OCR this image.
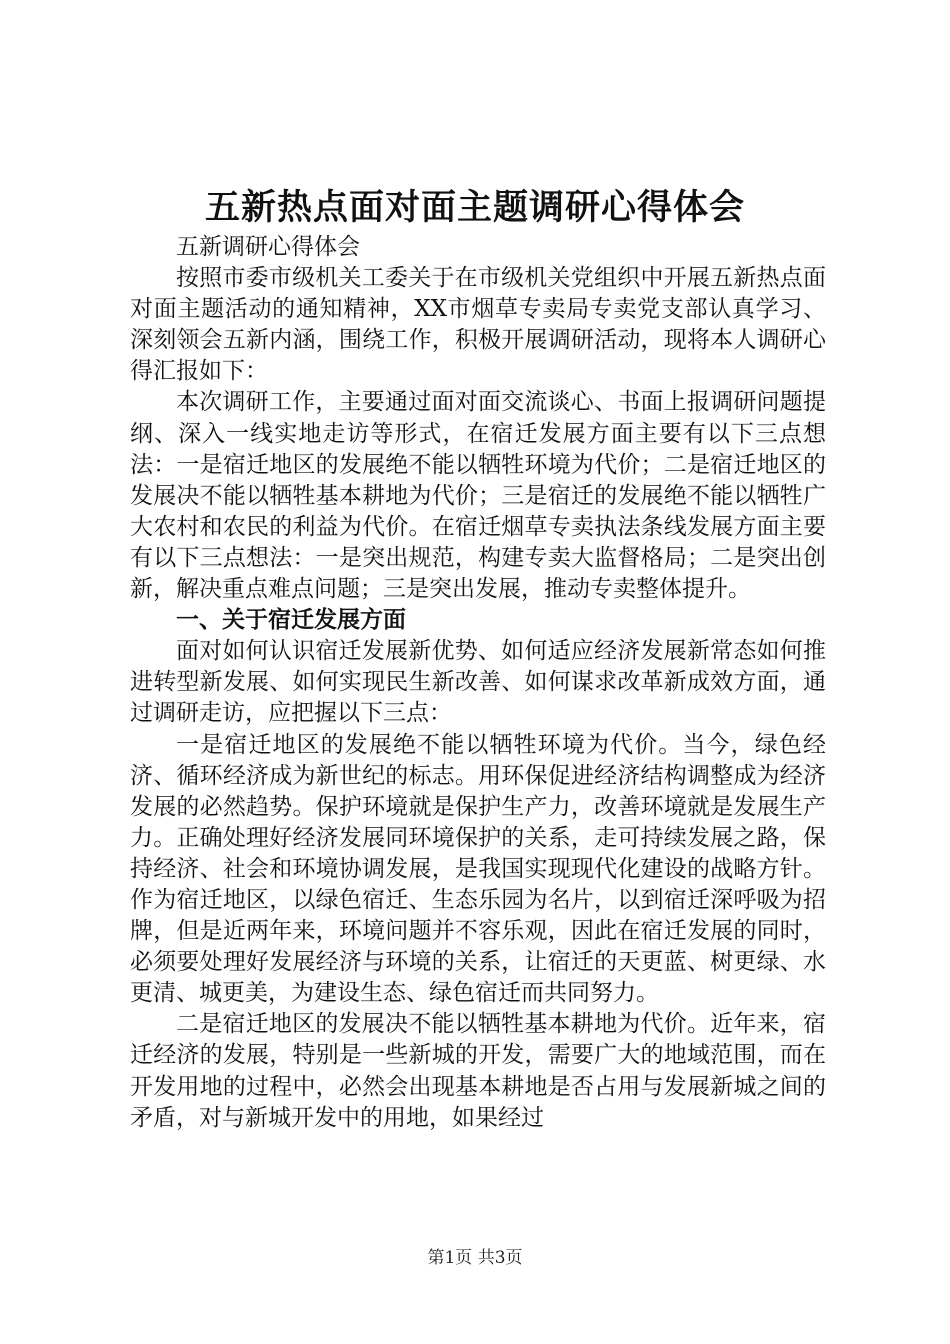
五新热点面对面主题调研心得体会

五新调研心得体会

按照市委市级机关工委关于在市级机关党组织中开展五新热点面对面主题活动的通知精神，XX市烟草专卖局专卖党支部认真学习、深刻领会五新内涵，围绕工作，积极开展调研活动，现将本人调研心得汇报如下：

本次调研工作，主要通过面对面交流谈心、书面上报调研问题提纲、深入一线实地走访等形式，在宿迁发展方面主要有以下三点想法：一是宿迁地区的发展绝不能以牺牲环境为代价；二是宿迁地区的发展决不能以牺牲基本耕地为代价；三是宿迁的发展绝不能以牺牲广大农村和农民的利益为代价。在宿迁烟草专卖执法条线发展方面主要有以下三点想法：一是突出规范，构建专卖大监督格局；二是突出创新，解决重点难点问题；三是突出发展，推动专卖整体提升。

一、关于宿迁发展方面

面对如何认识宿迁发展新优势、如何适应经济发展新常态如何推进转型新发展、如何实现民生新改善、如何谋求改革新成效方面，通过调研走访，应把握以下三点：

一是宿迁地区的发展绝不能以牺牲环境为代价。当今，绿色经济、循环经济成为新世纪的标志。用环保促进经济结构调整成为经济发展的必然趋势。保护环境就是保护生产力，改善环境就是发展生产力。正确处理好经济发展同环境保护的关系，走可持续发展之路，保持经济、社会和环境协调发展，是我国实现现代化建设的战略方针。作为宿迁地区，以绿色宿迁、生态乐园为名片，以到宿迁深呼吸为招牌，但是近两年来，环境问题并不容乐观，因此在宿迁发展的同时，必须要处理好发展经济与环境的关系，让宿迁的天更蓝、树更绿、水更清、城更美，为建设生态、绿色宿迁而共同努力。

二是宿迁地区的发展决不能以牺牲基本耕地为代价。近年来，宿迁经济的发展，特别是一些新城的开发，需要广大的地域范围，而在开发用地的过程中，必然会出现基本耕地是否占用与发展新城之间的矛盾，对与新城开发中的用地，如果经过

第1页 共3页
